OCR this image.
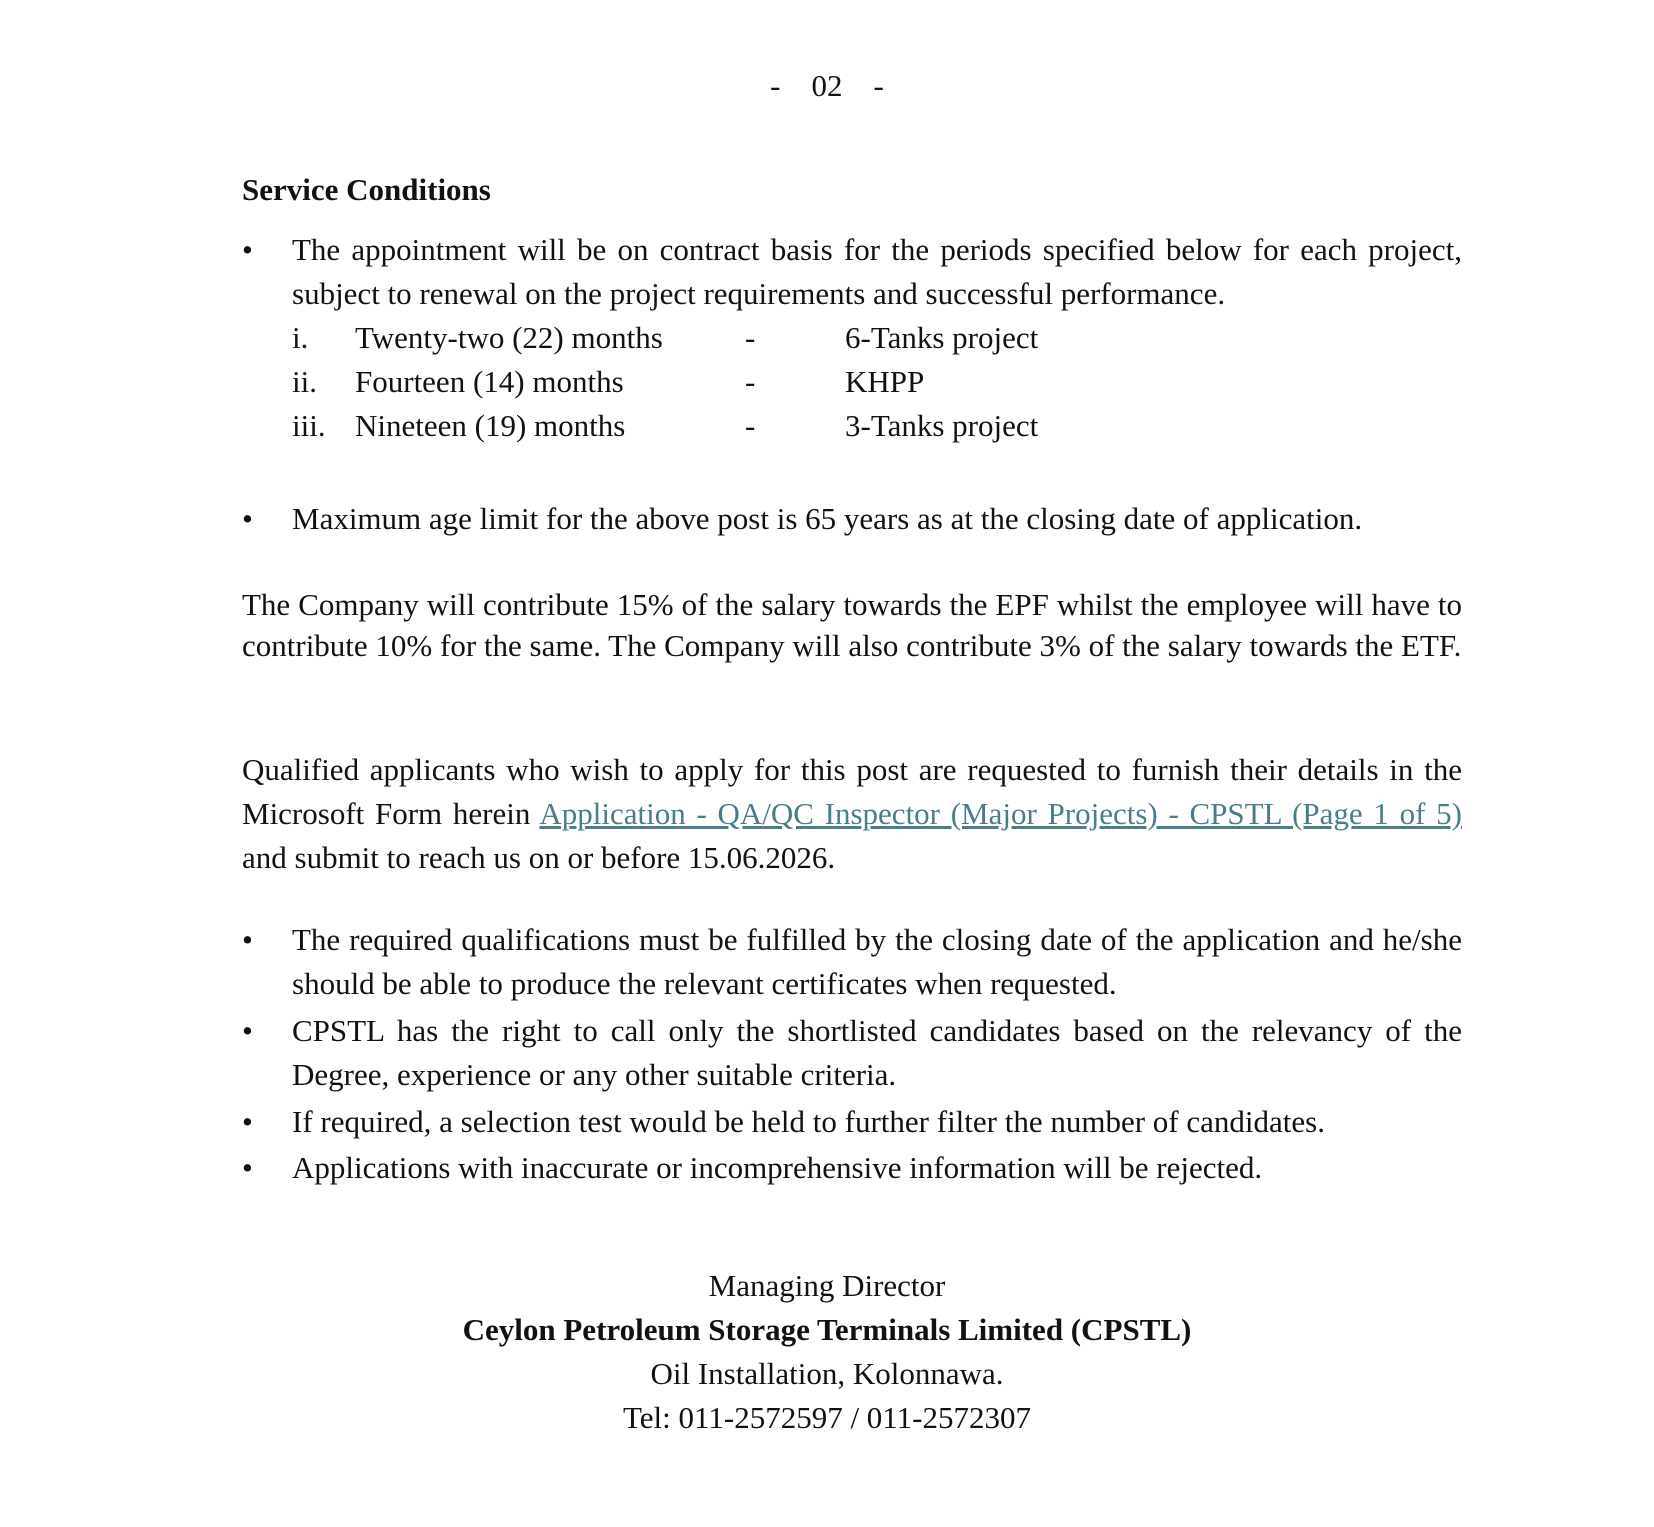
-    02    -
Service Conditions
•	The appointment will be on contract basis for the periods specified below for each project, subject to renewal on the project requirements and successful performance.
i. Twenty-two (22) months	-	6-Tanks project
ii. Fourteen (14) months	-	KHPP
iii. Nineteen (19) months	-	3-Tanks project
•	Maximum age limit for the above post is 65 years as at the closing date of application.
The Company will contribute 15% of the salary towards the EPF whilst the employee will have to contribute 10% for the same. The Company will also contribute 3% of the salary towards the ETF.
Qualified applicants who wish to apply for this post are requested to furnish their details in the Microsoft Form herein Application - QA/QC Inspector (Major Projects) - CPSTL (Page 1 of 5)  and submit to reach us on or before 15.06.2026.
•	The required qualifications must be fulfilled by the closing date of the application and he/she should be able to produce the relevant certificates when requested.
•	CPSTL has the right to call only the shortlisted candidates based on the relevancy of the Degree, experience or any other suitable criteria.
•	If required, a selection test would be held to further filter the number of candidates.
•	Applications with inaccurate or incomprehensive information will be rejected.
Managing Director
Ceylon Petroleum Storage Terminals Limited (CPSTL)
Oil Installation, Kolonnawa.
Tel: 011-2572597 / 011-2572307
